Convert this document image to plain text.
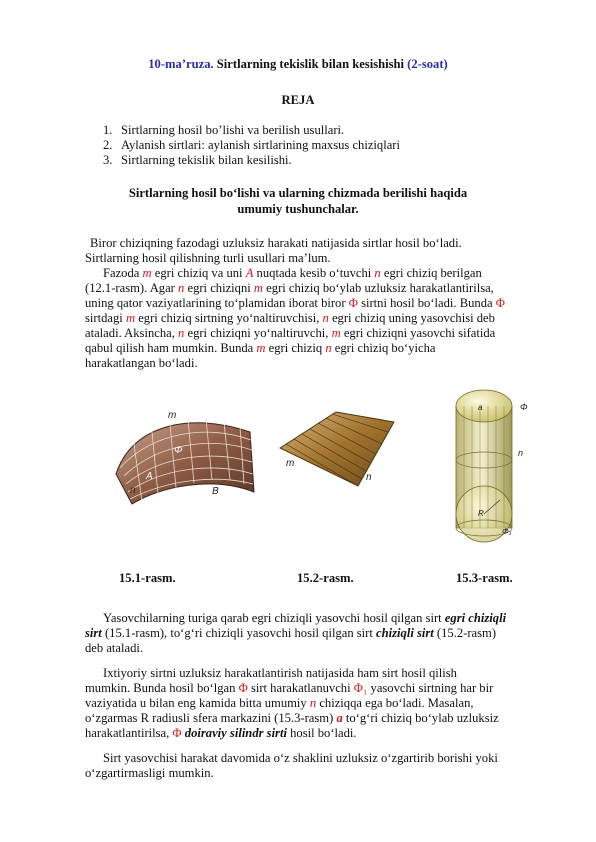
10-ma’ruza. Sirtlarning tekislik bilan kesishishi (2-soat)
REJA
1. Sirtlarning hosil bo’lishi va berilish usullari.
2. Aylanish sirtlari: aylanish sirtlarining maxsus chiziqlari
3. Sirtlarning tekislik bilan kesilishi.
Sirtlarning hosil bo‘lishi va ularning chizmada berilishi haqida
umumiy tushunchalar.
Biror chiziqning fazodagi uzluksiz harakati natijasida sirtlar hosil bo‘ladi.
Sirtlarning hosil qilishning turli usullari ma’lum.
Fazoda m egri chiziq va uni A nuqtada kesib o‘tuvchi n egri chiziq berilgan
(12.1-rasm). Agar n egri chiziqni m egri chiziq bo‘ylab uzluksiz harakatlantirilsa,
uning qator vaziyatlarining to‘plamidan iborat biror Φ sirtni hosil bo‘ladi. Bunda Φ
sirtdagi m egri chiziq sirtning yo‘naltiruvchisi, n egri chiziq uning yasovchisi deb
ataladi. Aksincha, n egri chiziqni yo‘naltiruvchi, m egri chiziqni yasovchi sifatida
qabul qilish ham mumkin. Bunda m egri chiziq n egri chiziq bo‘yicha
harakatlangan bo‘ladi.
m
Φ
A
n	B
m
n
a	Φ
n
R
Φ₁
15.1-rasm.	15.2-rasm.	15.3-rasm.
Yasovchilarning turiga qarab egri chiziqli yasovchi hosil qilgan sirt egri chiziqli
sirt (15.1-rasm), to‘g‘ri chiziqli yasovchi hosil qilgan sirt chiziqli sirt (15.2-rasm)
deb ataladi.
Ixtiyoriy sirtni uzluksiz harakatlantirish natijasida ham sirt hosil qilish
mumkin. Bunda hosil bo‘lgan Φ sirt harakatlanuvchi Φ₁ yasovchi sirtning har bir
vaziyatida u bilan eng kamida bitta umumiy n chiziqqa ega bo‘ladi. Masalan,
o‘zgarmas R radiusli sfera markazini (15.3-rasm) a to‘g‘ri chiziq bo‘ylab uzluksiz
harakatlantirilsa, Φ doiraviy silindr sirti hosil bo‘ladi.
Sirt yasovchisi harakat davomida o‘z shaklini uzluksiz o‘zgartirib borishi yoki
o‘zgartirmasligi mumkin.
